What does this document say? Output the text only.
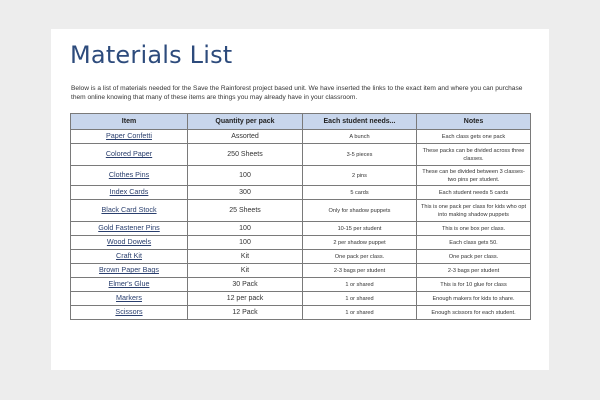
Materials List

Below is a list of materials needed for the Save the Rainforest project based unit. We have inserted the links to the exact item and where you can purchase them online knowing that many of these items are things you may already have in your classroom.

Item	Quantity per pack	Each student needs...	Notes
Paper Confetti	Assorted	A bunch	Each class gets one pack
Colored Paper	250 Sheets	3-5 pieces	These packs can be divided across three classes.
Clothes Pins	100	2 pins	These can be divided between 3 classes- two pins per student.
Index Cards	300	5 cards	Each student needs 5 cards
Black Card Stock	25 Sheets	Only for shadow puppets	This is one pack per class for kids who opt into making shadow puppets
Gold Fastener Pins	100	10-15 per student	This is one box per class.
Wood Dowels	100	2 per shadow puppet	Each class gets 50.
Craft Kit	Kit	One pack per class.	One pack per class.
Brown Paper Bags	Kit	2-3 bags per student	2-3 bags per student
Elmer's Glue	30 Pack	1 or shared	This is for 10 glue for class
Markers	12 per pack	1 or shared	Enough makers for kids to share.
Scissors	12 Pack	1 or shared	Enough scissors for each student.
